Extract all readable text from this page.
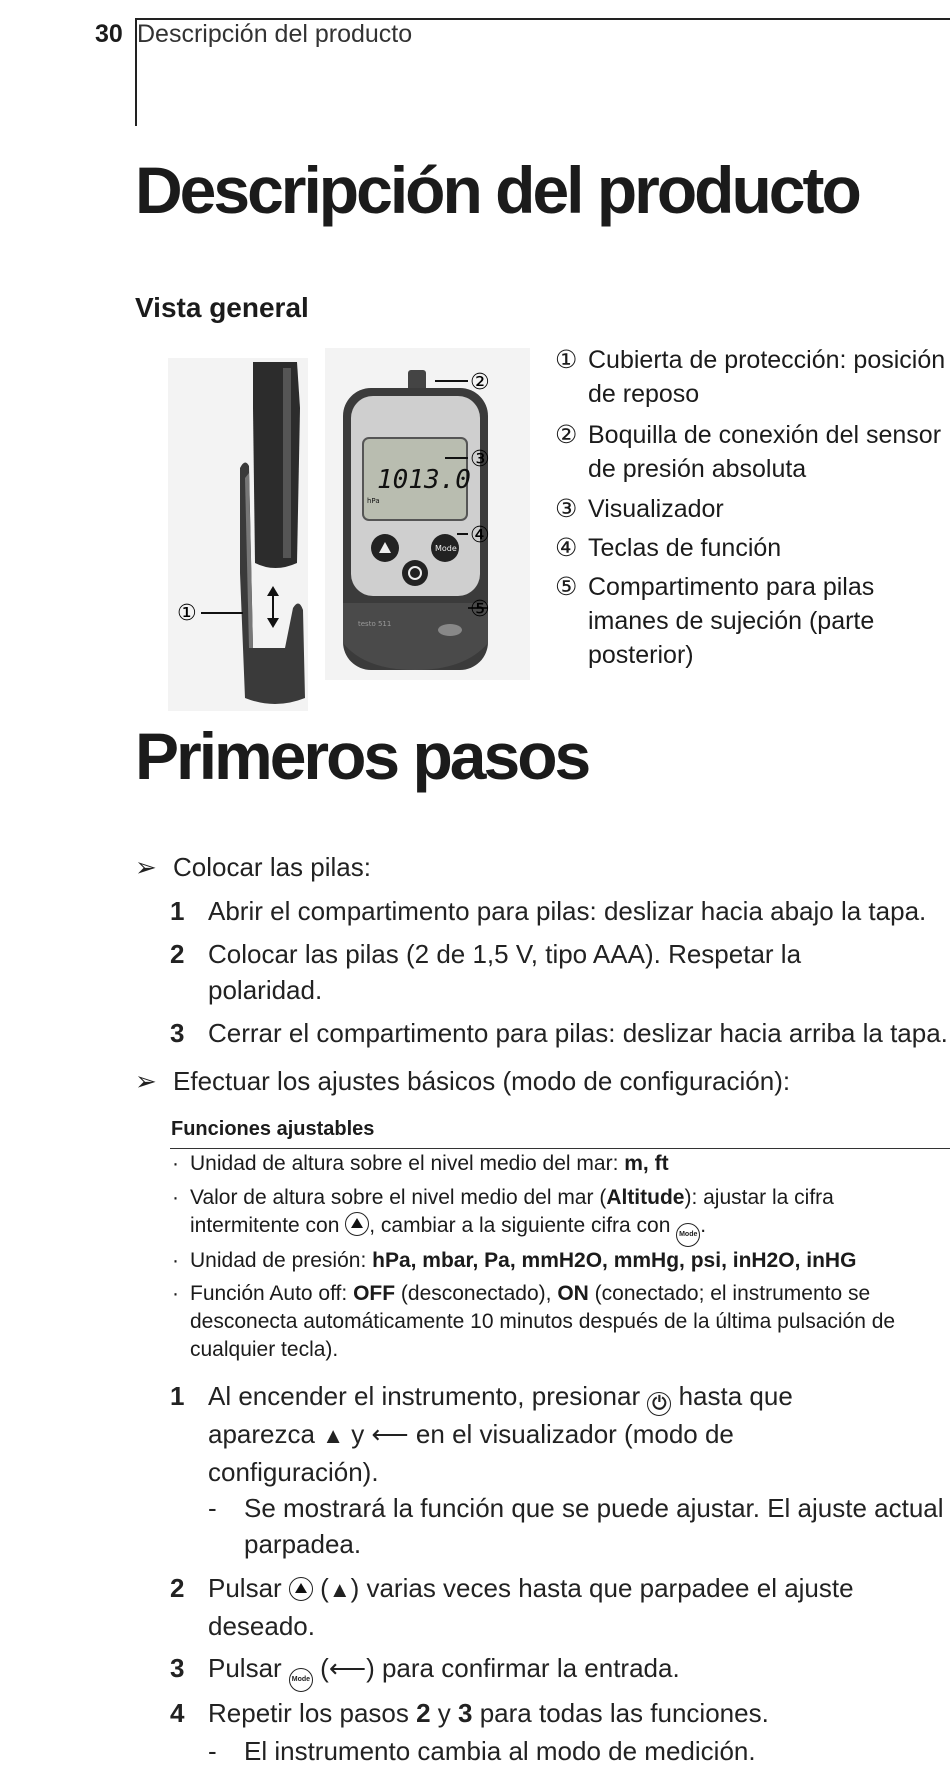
30 Descripción del producto
Descripción del producto
Vista general
①
1013.0
hPa
Mode
testo 511
②
③
④
⑤
① Cubierta de protección: posición de reposo
② Boquilla de conexión del sensor de presión absoluta
③ Visualizador
④ Teclas de función
⑤ Compartimento para pilas imanes de sujeción (parte posterior)
Primeros pasos
➢ Colocar las pilas:
1 Abrir el compartimento para pilas: deslizar hacia abajo la tapa.
2 Colocar las pilas (2 de 1,5 V, tipo AAA). Respetar la polaridad.
3 Cerrar el compartimento para pilas: deslizar hacia arriba la tapa.
➢ Efectuar los ajustes básicos (modo de configuración):
Funciones ajustables
· Unidad de altura sobre el nivel medio del mar: m, ft
· Valor de altura sobre el nivel medio del mar (Altitude): ajustar la cifra intermitente con , cambiar a la siguiente cifra con Mode .
· Unidad de presión: hPa, mbar, Pa, mmH2O, mmHg, psi, inH2O, inHG
· Función Auto off: OFF (desconectado), ON (conectado; el instrumento se desconecta automáticamente 10 minutos después de la última pulsación de cualquier tecla).
1 Al encender el instrumento, presionar ⏻ hasta que aparezca ▲ y ⟵ en el visualizador (modo de configuración).
- Se mostrará la función que se puede ajustar. El ajuste actual parpadea.
2 Pulsar  (▲) varias veces hasta que parpadee el ajuste deseado.
3 Pulsar Mode (⟵) para confirmar la entrada.
4 Repetir los pasos 2 y 3 para todas las funciones.
- El instrumento cambia al modo de medición.
